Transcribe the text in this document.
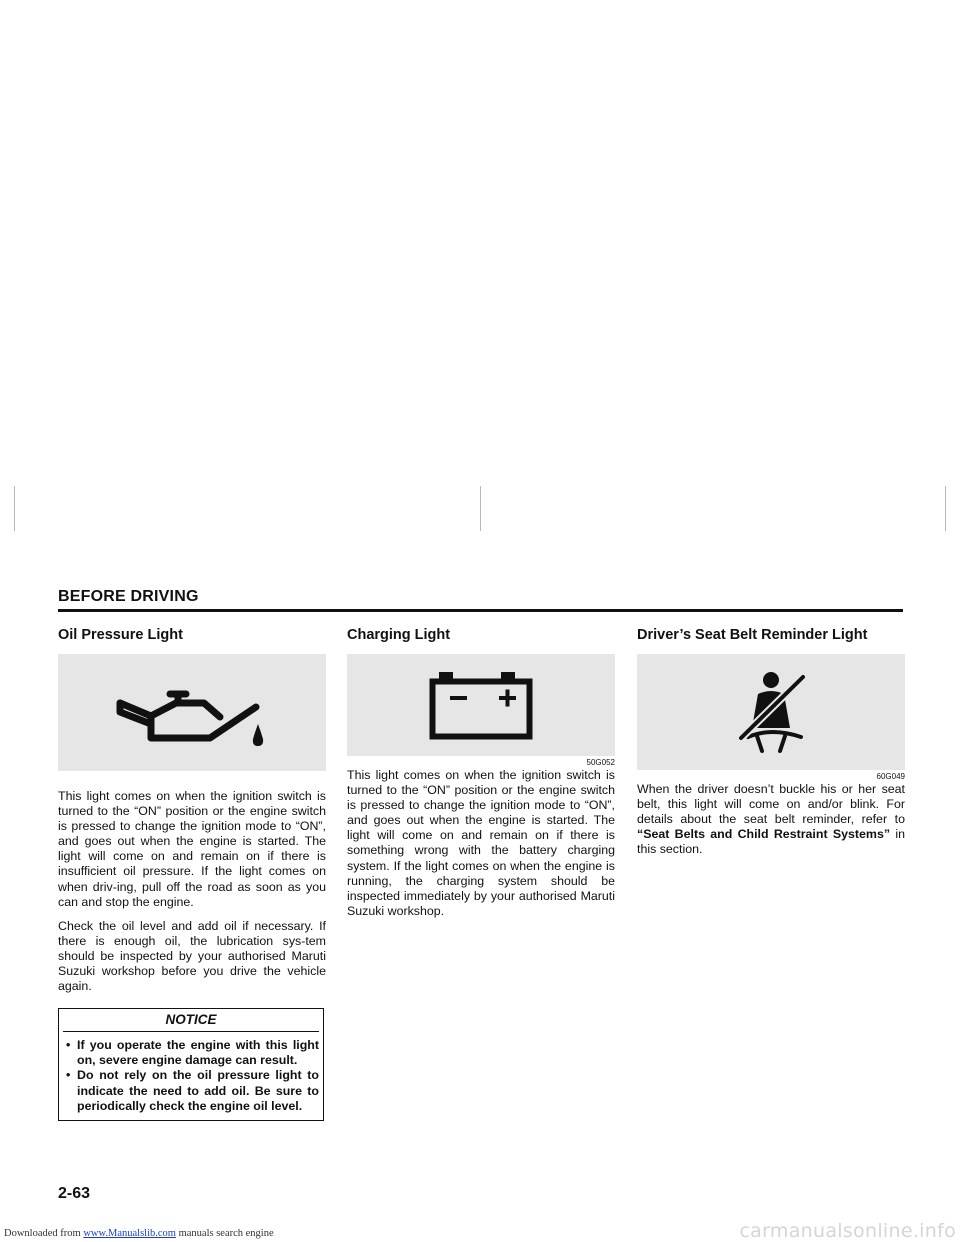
BEFORE DRIVING
Oil Pressure Light

This light comes on when the ignition switch is turned to the “ON” position or the engine switch is pressed to change the ignition mode to “ON”, and goes out when the engine is started. The light will come on and remain on if there is insufficient oil pressure. If the light comes on when driv-ing, pull off the road as soon as you can and stop the engine.

Check the oil level and add oil if necessary. If there is enough oil, the lubrication sys-tem should be inspected by your authorised Maruti Suzuki workshop before you drive the vehicle again.

NOTICE
• If you operate the engine with this light on, severe engine damage can result.
• Do not rely on the oil pressure light to indicate the need to add oil. Be sure to periodically check the engine oil level.
Charging Light
50G052

This light comes on when the ignition switch is turned to the “ON” position or the engine switch is pressed to change the ignition mode to “ON”, and goes out when the engine is started. The light will come on and remain on if there is something wrong with the battery charging system. If the light comes on when the engine is running, the charging system should be inspected immediately by your authorised Maruti Suzuki workshop.

Driver’s Seat Belt Reminder Light
60G049

When the driver doesn’t buckle his or her seat belt, this light will come on and/or blink. For details about the seat belt reminder, refer to “Seat Belts and Child Restraint Systems” in this section.

2-63
Downloaded from www.Manualslib.com manuals search engine	carmanualsonline.info
